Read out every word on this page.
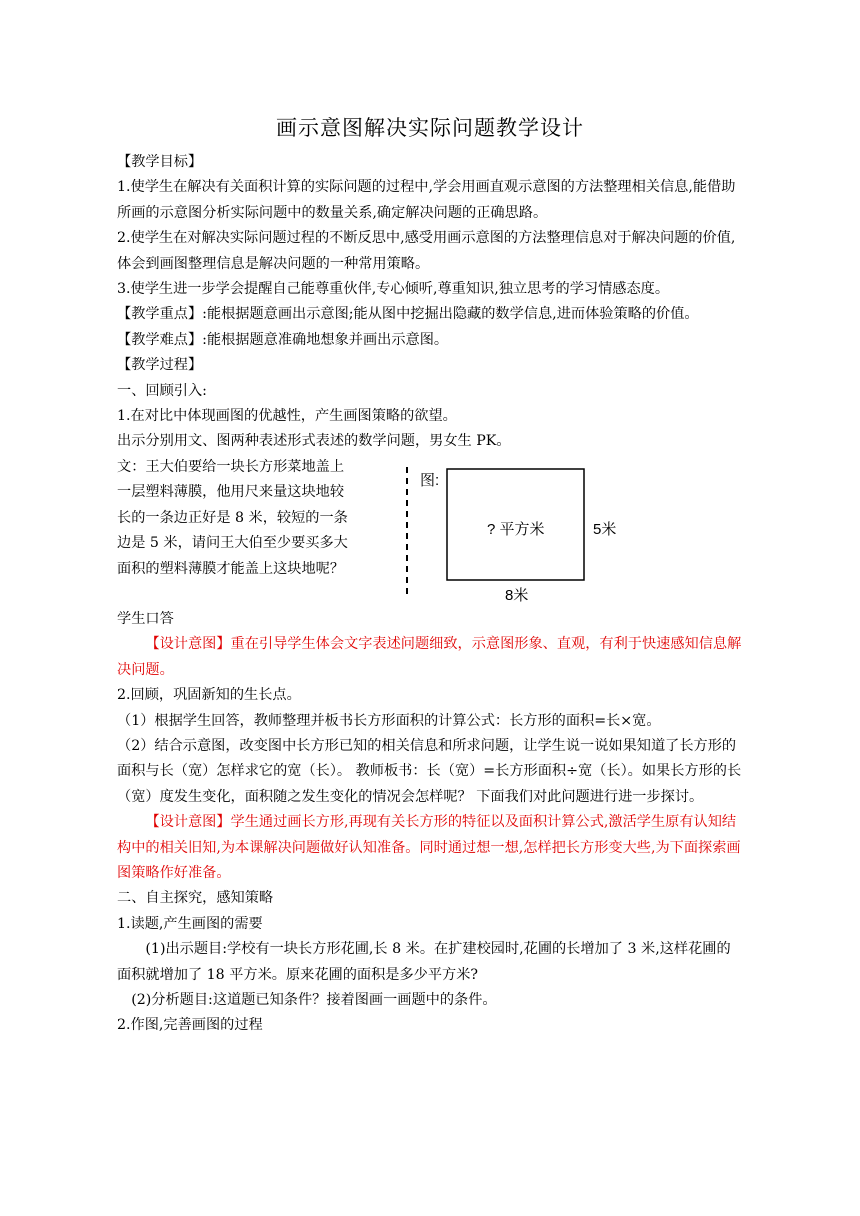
画示意图解决实际问题教学设计

【教学目标】

1.使学生在解决有关面积计算的实际问题的过程中,学会用画直观示意图的方法整理相关信息,能借助所画的示意图分析实际问题中的数量关系,确定解决问题的正确思路。

2.使学生在对解决实际问题过程的不断反思中,感受用画示意图的方法整理信息对于解决问题的价值,体会到画图整理信息是解决问题的一种常用策略。

3.使学生进一步学会提醒自己能尊重伙伴,专心倾听,尊重知识,独立思考的学习情感态度。

【教学重点】:能根据题意画出示意图;能从图中挖掘出隐藏的数学信息,进而体验策略的价值。

【教学难点】:能根据题意准确地想象并画出示意图。

【教学过程】

一、回顾引入:

1.在对比中体现画图的优越性，产生画图策略的欲望。

出示分别用文、图两种表述形式表述的数学问题，男女生 PK。

文：王大伯要给一块长方形菜地盖上一层塑料薄膜，他用尺来量这块地较长的一条边正好是 8 米，较短的一条边是 5 米，请问王大伯至少要买多大面积的塑料薄膜才能盖上这块地呢？

图:
? 平方米	5米
8米

学生口答

【设计意图】重在引导学生体会文字表述问题细致，示意图形象、直观，有利于快速感知信息解决问题。

2.回顾，巩固新知的生长点。

（1）根据学生回答，教师整理并板书长方形面积的计算公式：长方形的面积=长×宽。

（2）结合示意图，改变图中长方形已知的相关信息和所求问题，让学生说一说如果知道了长方形的面积与长（宽）怎样求它的宽（长）。 教师板书：长（宽）=长方形面积÷宽（长）。如果长方形的长（宽）度发生变化，面积随之发生变化的情况会怎样呢？ 下面我们对此问题进行进一步探讨。

【设计意图】学生通过画长方形,再现有关长方形的特征以及面积计算公式,激活学生原有认知结构中的相关旧知,为本课解决问题做好认知准备。同时通过想一想,怎样把长方形变大些,为下面探索画图策略作好准备。

二、自主探究，感知策略

1.读题,产生画图的需要

(1)出示题目:学校有一块长方形花圃,长 8 米。在扩建校园时,花圃的长增加了 3 米,这样花圃的面积就增加了 18 平方米。原来花圃的面积是多少平方米?

(2)分析题目:这道题已知条件？接着图画一画题中的条件。

2.作图,完善画图的过程
